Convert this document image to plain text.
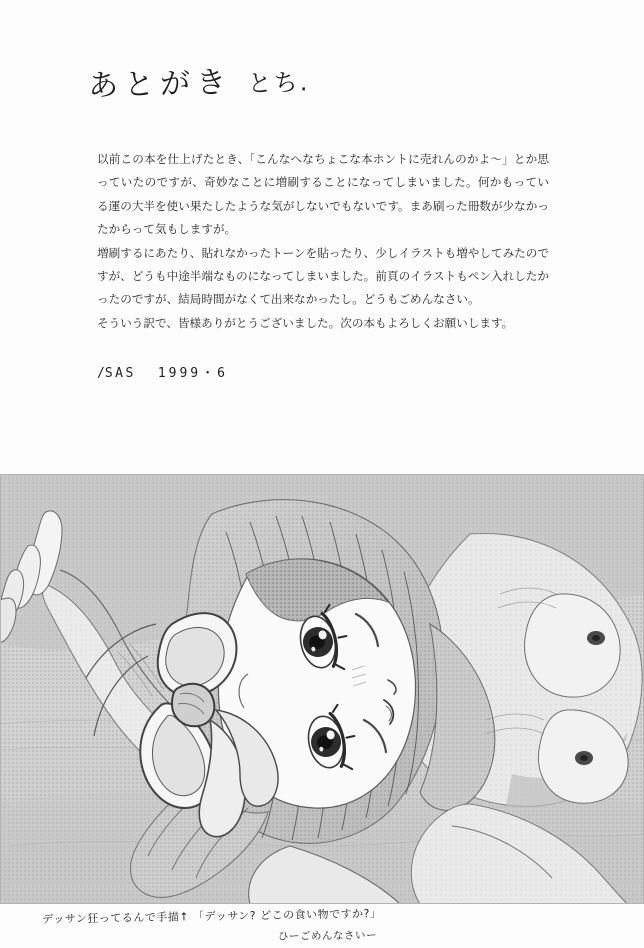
あとがき とち.

以前この本を仕上げたとき、「こんなへなちょこな本ホントに売れんのかよ～」とか思っていたのですが、奇妙なことに増刷することになってしまいました。何かもっている運の大半を使い果たしたような気がしないでもないです。まあ刷った冊数が少なかったからって気もしますが。

増刷するにあたり、貼れなかったトーンを貼ったり、少しイラストも増やしてみたのですが、どうも中途半端なものになってしまいました。前頁のイラストもペン入れしたかったのですが、結局時間がなくて出来なかったし。どうもごめんなさい。

そういう訳で、皆様ありがとうございました。次の本もよろしくお願いします。

/SAS 1999・6
デッサン狂ってるんで手描↑ 「デッサン? どこの食い物ですか?」
ひーごめんなさいー
